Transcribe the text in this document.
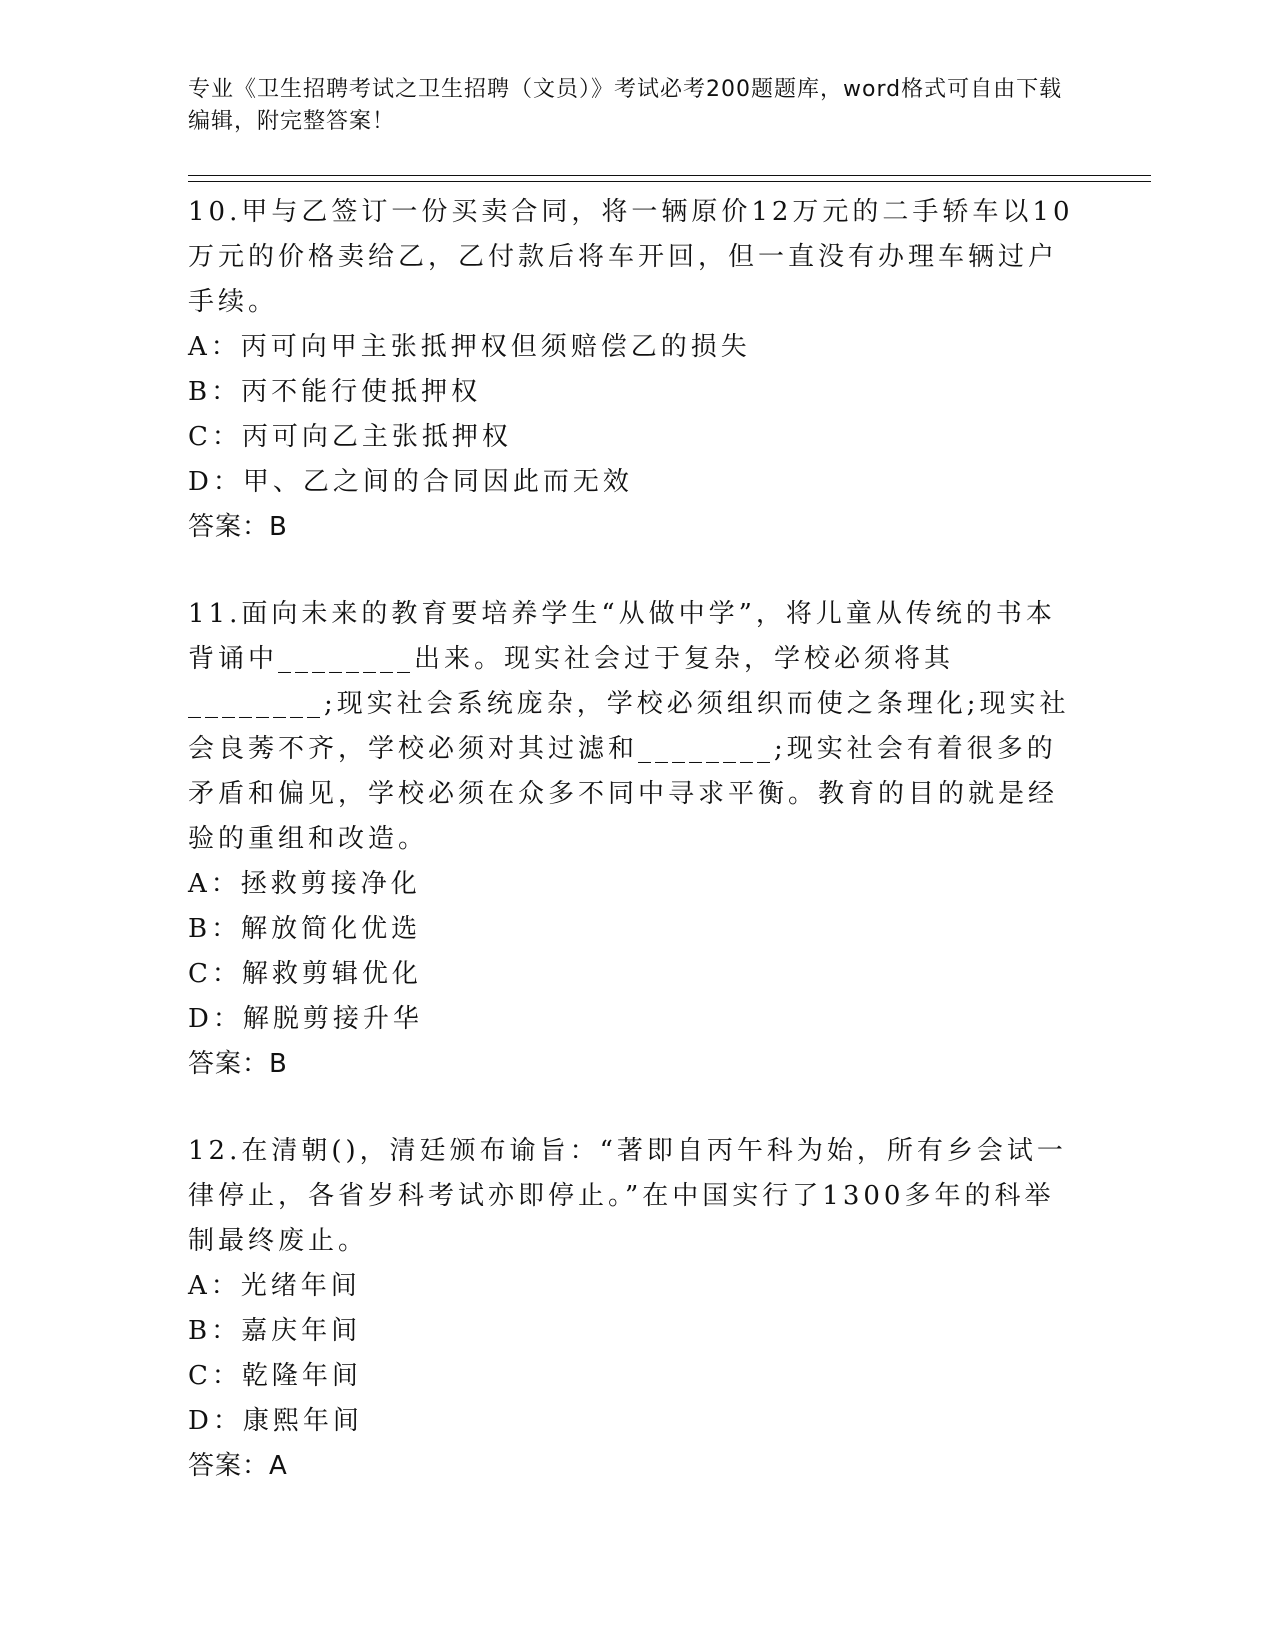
专业《卫生招聘考试之卫生招聘（文员）》考试必考200题题库，word格式可自由下载编辑，附完整答案！

10.甲与乙签订一份买卖合同，将一辆原价12万元的二手轿车以10万元的价格卖给乙，乙付款后将车开回，但一直没有办理车辆过户手续。

A：丙可向甲主张抵押权但须赔偿乙的损失

B：丙不能行使抵押权

C：丙可向乙主张抵押权

D：甲、乙之间的合同因此而无效

答案：B

11.面向未来的教育要培养学生“从做中学”，将儿童从传统的书本背诵中________出来。现实社会过于复杂，学校必须将其________;现实社会系统庞杂，学校必须组织而使之条理化;现实社会良莠不齐，学校必须对其过滤和________;现实社会有着很多的矛盾和偏见，学校必须在众多不同中寻求平衡。教育的目的就是经验的重组和改造。

A：拯救剪接净化

B：解放简化优选

C：解救剪辑优化

D：解脱剪接升华

答案：B

12.在清朝()，清廷颁布谕旨：“著即自丙午科为始，所有乡会试一律停止，各省岁科考试亦即停止。”在中国实行了1300多年的科举制最终废止。

A：光绪年间

B：嘉庆年间

C：乾隆年间

D：康熙年间

答案：A
